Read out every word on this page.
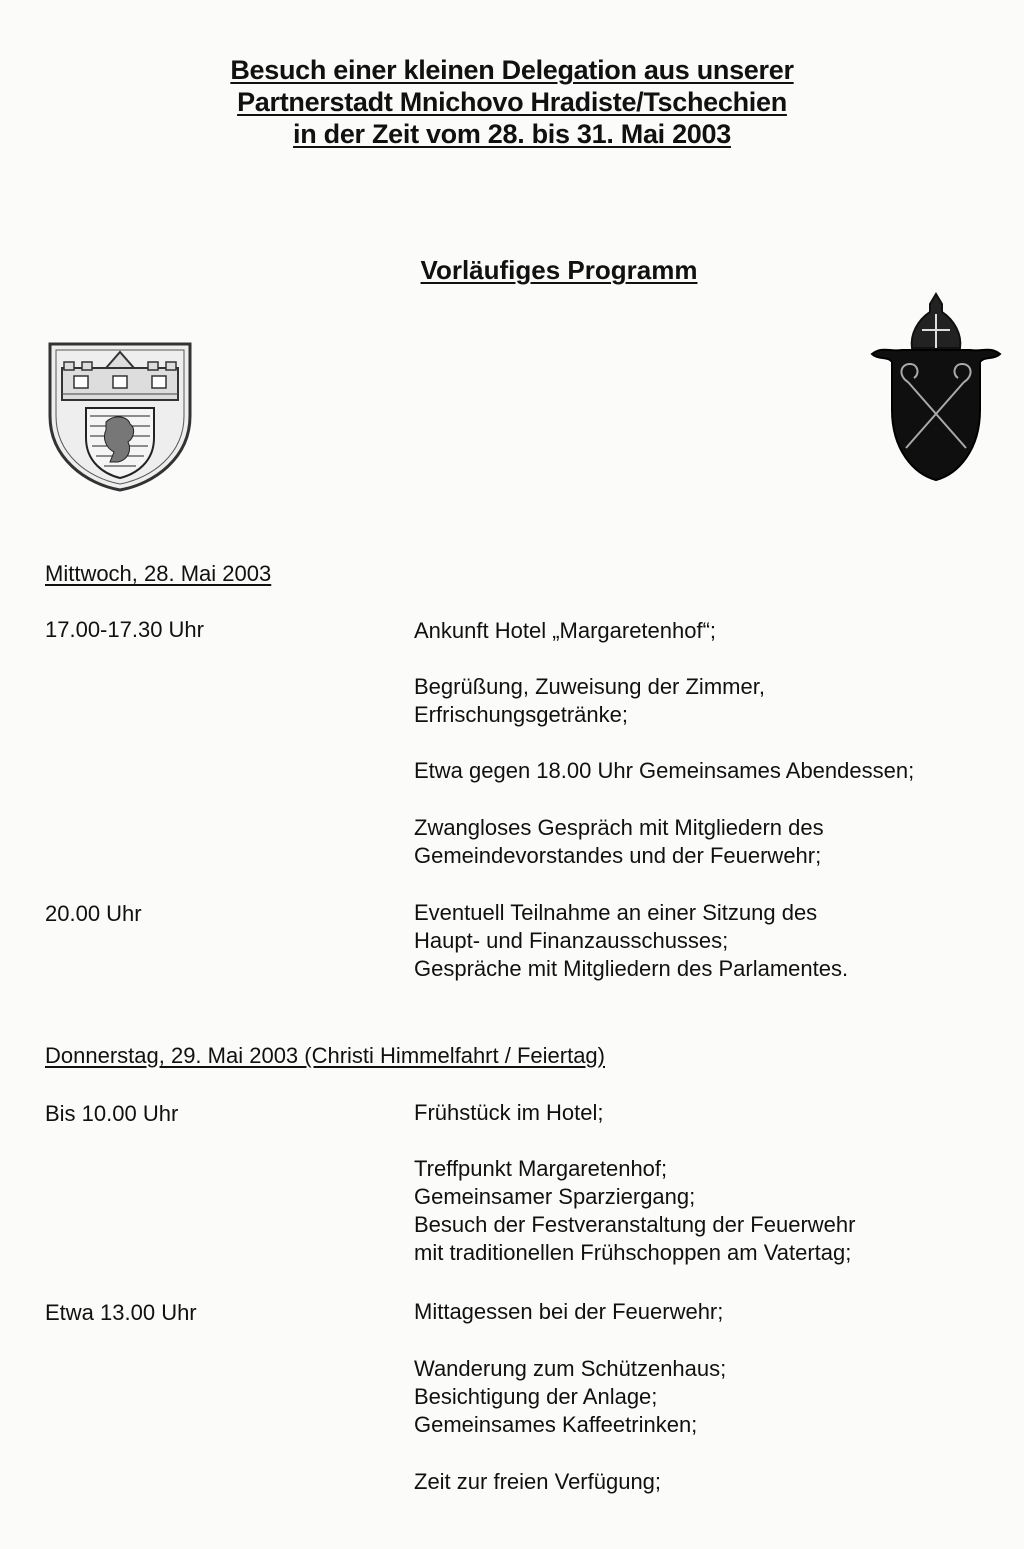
Besuch einer kleinen Delegation aus unserer
Partnerstadt Mnichovo Hradiste/Tschechien
in der Zeit vom 28. bis 31. Mai 2003
Vorläufiges Programm
Mittwoch, 28. Mai 2003
17.00-17.30 Uhr	Ankunft Hotel „Margaretenhof“;
Begrüßung, Zuweisung der Zimmer,
Erfrischungsgetränke;
Etwa gegen 18.00 Uhr Gemeinsames Abendessen;
Zwangloses Gespräch mit Mitgliedern des
Gemeindevorstandes und der Feuerwehr;
20.00 Uhr	Eventuell Teilnahme an einer Sitzung des
Haupt- und Finanzausschusses;
Gespräche mit Mitgliedern des Parlamentes.
Donnerstag, 29. Mai 2003 (Christi Himmelfahrt / Feiertag)
Bis 10.00 Uhr	Frühstück im Hotel;
Treffpunkt Margaretenhof;
Gemeinsamer Sparziergang;
Besuch der Festveranstaltung der Feuerwehr
mit traditionellen Frühschoppen am Vatertag;
Etwa 13.00 Uhr	Mittagessen bei der Feuerwehr;
Wanderung zum Schützenhaus;
Besichtigung der Anlage;
Gemeinsames Kaffeetrinken;
Zeit zur freien Verfügung;
